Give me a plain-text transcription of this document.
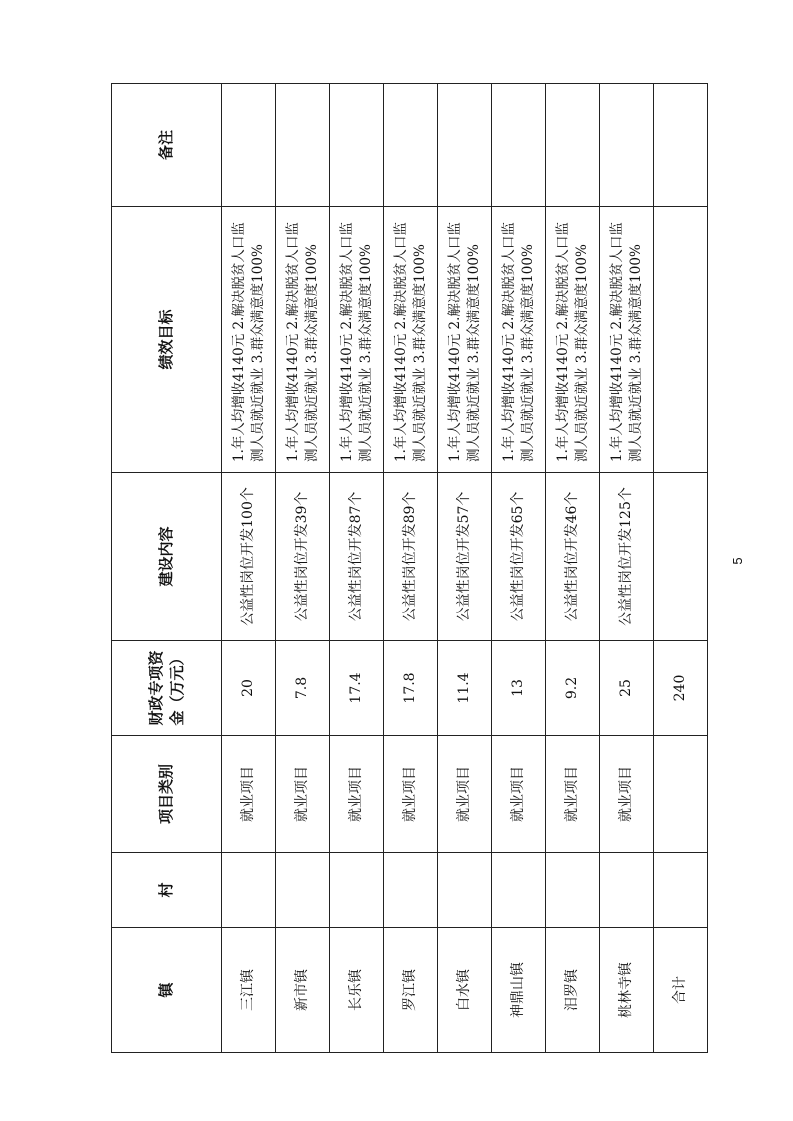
镇	村	项目类别	财政专项资金（万元）	建设内容	绩效目标	备注
三江镇		就业项目	20	公益性岗位开发100个	1.年人均增收4140元 2.解决脱贫人口监测人员就近就业 3.群众满意度100%	
新市镇		就业项目	7.8	公益性岗位开发39个	1.年人均增收4140元 2.解决脱贫人口监测人员就近就业 3.群众满意度100%	
长乐镇		就业项目	17.4	公益性岗位开发87个	1.年人均增收4140元 2.解决脱贫人口监测人员就近就业 3.群众满意度100%	
罗江镇		就业项目	17.8	公益性岗位开发89个	1.年人均增收4140元 2.解决脱贫人口监测人员就近就业 3.群众满意度100%	
白水镇		就业项目	11.4	公益性岗位开发57个	1.年人均增收4140元 2.解决脱贫人口监测人员就近就业 3.群众满意度100%	
神鼎山镇		就业项目	13	公益性岗位开发65个	1.年人均增收4140元 2.解决脱贫人口监测人员就近就业 3.群众满意度100%	
汨罗镇		就业项目	9.2	公益性岗位开发46个	1.年人均增收4140元 2.解决脱贫人口监测人员就近就业 3.群众满意度100%	
桃林寺镇		就业项目	25	公益性岗位开发125个	1.年人均增收4140元 2.解决脱贫人口监测人员就近就业 3.群众满意度100%	
合计			240			
5
